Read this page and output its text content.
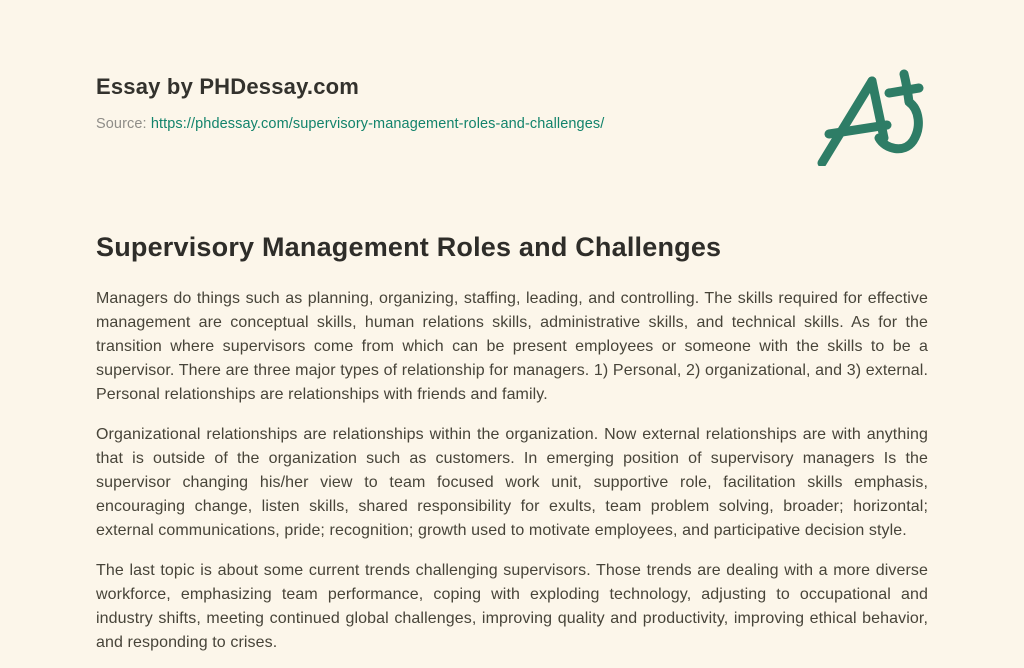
Essay by PHDessay.com
Source: https://phdessay.com/supervisory-management-roles-and-challenges/
Supervisory Management Roles and Challenges

Managers do things such as planning, organizing, staffing, leading, and controlling. The skills required for effective management are conceptual skills, human relations skills, administrative skills, and technical skills. As for the transition where supervisors come from which can be present employees or someone with the skills to be a supervisor. There are three major types of relationship for managers. 1) Personal, 2) organizational, and 3) external. Personal relationships are relationships with friends and family.

Organizational relationships are relationships within the organization. Now external relationships are with anything that is outside of the organization such as customers. In emerging position of supervisory managers Is the supervisor changing his/her view to team focused work unit, supportive role, facilitation skills emphasis, encouraging change, listen skills, shared responsibility for exults, team problem solving, broader; horizontal; external communications, pride; recognition; growth used to motivate employees, and participative decision style.

The last topic is about some current trends challenging supervisors. Those trends are dealing with a more diverse workforce, emphasizing team performance, coping with exploding technology, adjusting to occupational and industry shifts, meeting continued global challenges, improving quality and productivity, improving ethical behavior, and responding to crises.
